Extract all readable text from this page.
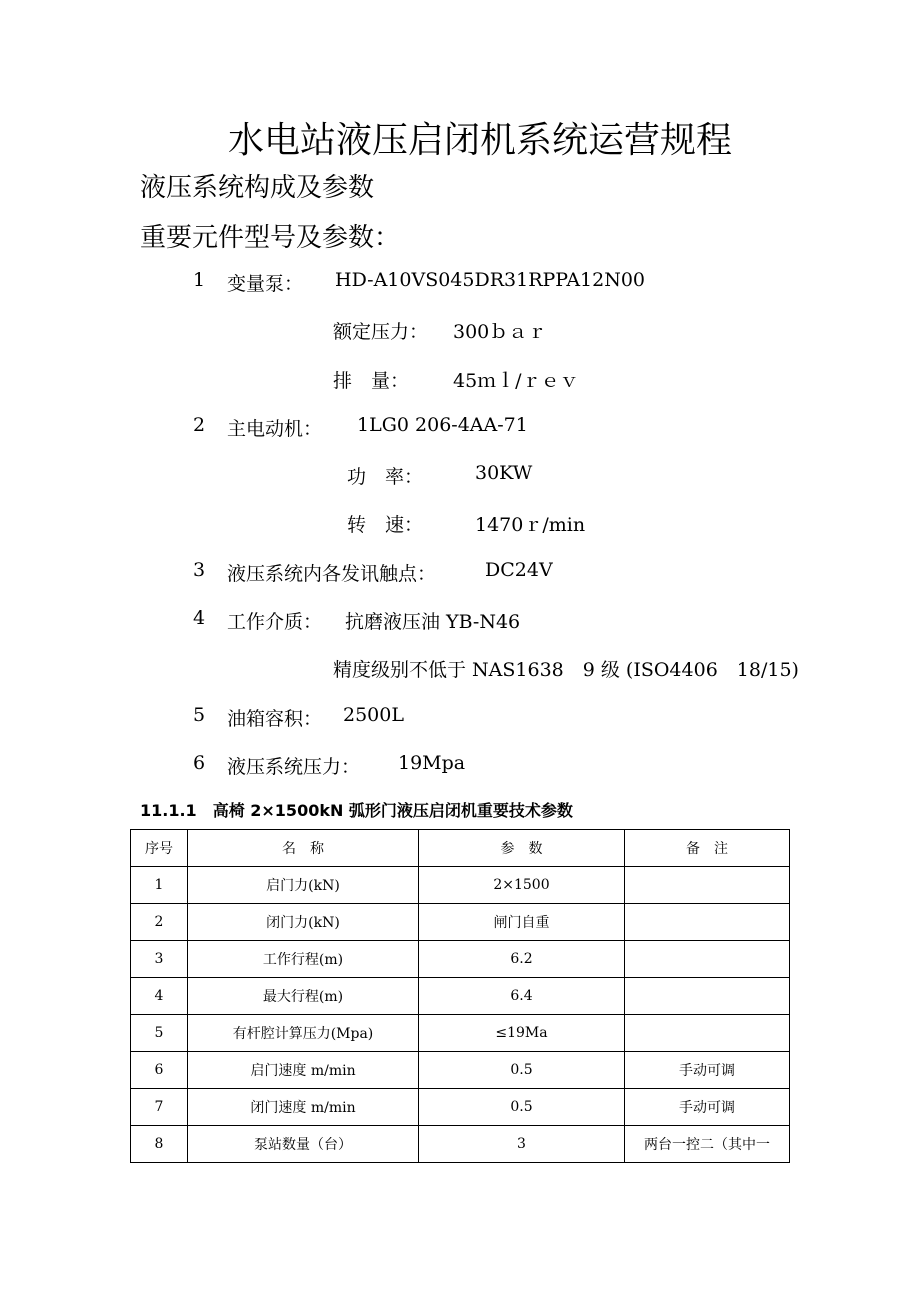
水电站液压启闭机系统运营规程
液压系统构成及参数
重要元件型号及参数：
1 变量泵： HD-A10VS045DR31RPPA12N00
额定压力： 300ｂａｒ
排　量： 45ｍｌ/ｒｅｖ
2 主电动机： 1LG0 206-4AA-71
功　率：	30KW
转　速：	1470ｒ/min
3 液压系统内各发讯触点：	DC24V
4 工作介质： 抗磨液压油 YB-N46
精度级别不低于 NAS1638　9 级 (ISO4406　18/15)
5 油箱容积： 2500L
6 液压系统压力： 19Mpa
11.1.1　高椅 2×1500kN 弧形门液压启闭机重要技术参数
序号	名　称	参　数	备　注
1	启门力(kN)	2×1500	
2	闭门力(kN)	闸门自重	
3	工作行程(m)	6.2	
4	最大行程(m)	6.4	
5	有杆腔计算压力(Mpa)	≤19Ma	
6	启门速度 m/min	0.5	手动可调
7	闭门速度 m/min	0.5	手动可调
8	泵站数量（台）	3	两台一控二（其中一
